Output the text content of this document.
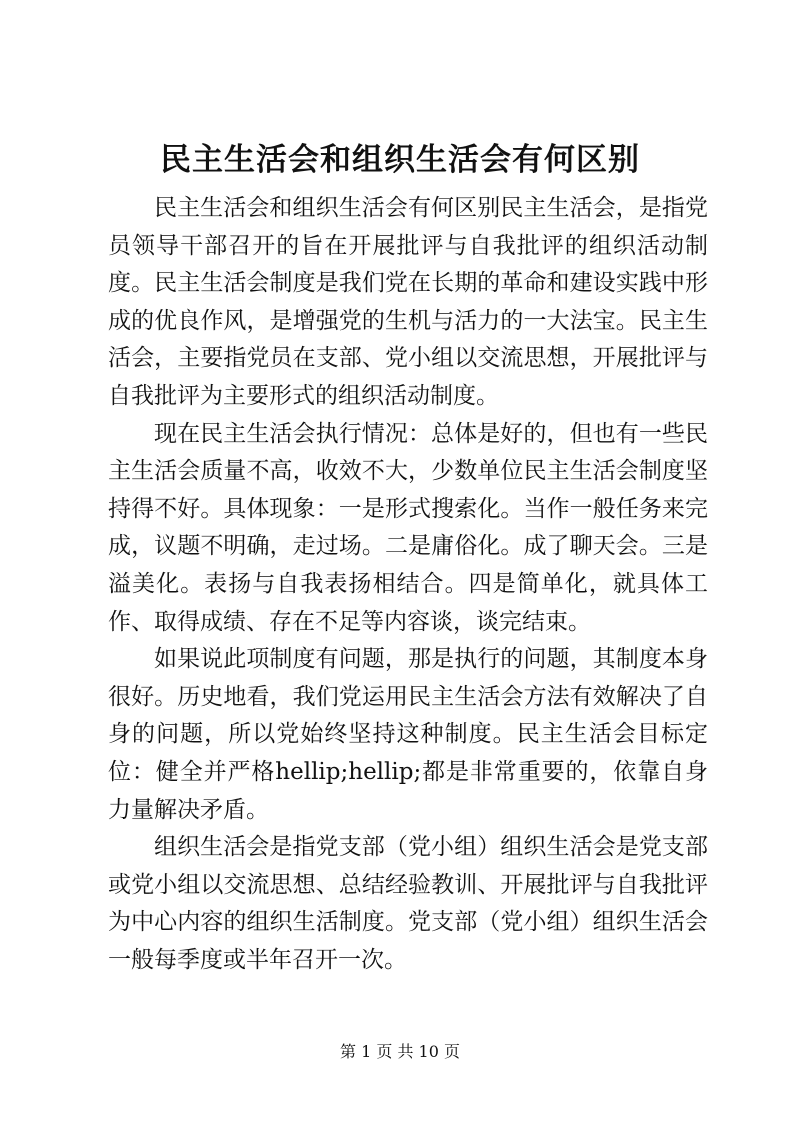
民主生活会和组织生活会有何区别

民主生活会和组织生活会有何区别民主生活会，是指党员领导干部召开的旨在开展批评与自我批评的组织活动制度。民主生活会制度是我们党在长期的革命和建设实践中形成的优良作风，是增强党的生机与活力的一大法宝。民主生活会，主要指党员在支部、党小组以交流思想，开展批评与自我批评为主要形式的组织活动制度。

现在民主生活会执行情况：总体是好的，但也有一些民主生活会质量不高，收效不大，少数单位民主生活会制度坚持得不好。具体现象：一是形式搜索化。当作一般任务来完成，议题不明确，走过场。二是庸俗化。成了聊天会。三是溢美化。表扬与自我表扬相结合。四是简单化，就具体工作、取得成绩、存在不足等内容谈，谈完结束。

如果说此项制度有问题，那是执行的问题，其制度本身很好。历史地看，我们党运用民主生活会方法有效解决了自身的问题，所以党始终坚持这种制度。民主生活会目标定位：健全并严格hellip;hellip;都是非常重要的，依靠自身力量解决矛盾。

组织生活会是指党支部（党小组）组织生活会是党支部或党小组以交流思想、总结经验教训、开展批评与自我批评为中心内容的组织生活制度。党支部（党小组）组织生活会一般每季度或半年召开一次。

第 1 页 共 10 页
